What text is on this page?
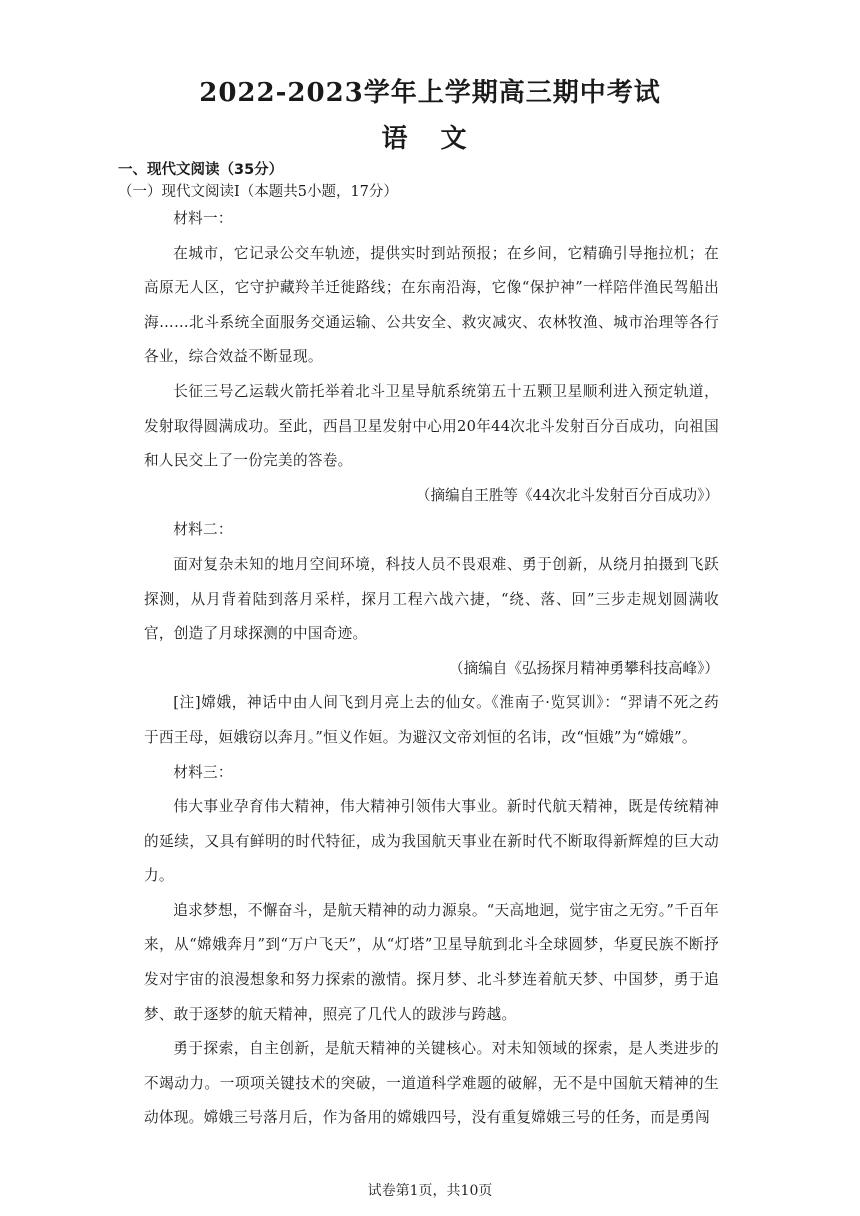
2022-2023学年上学期高三期中考试
语 文
一、现代文阅读（35分）
（一）现代文阅读I（本题共5小题，17分）

材料一：

在城市，它记录公交车轨迹，提供实时到站预报；在乡间，它精确引导拖拉机；在高原无人区，它守护藏羚羊迁徙路线；在东南沿海，它像“保护神”一样陪伴渔民驾船出海……北斗系统全面服务交通运输、公共安全、救灾减灾、农林牧渔、城市治理等各行各业，综合效益不断显现。

长征三号乙运载火箭托举着北斗卫星导航系统第五十五颗卫星顺利进入预定轨道，发射取得圆满成功。至此，西昌卫星发射中心用20年44次北斗发射百分百成功，向祖国和人民交上了一份完美的答卷。

（摘编自王胜等《44次北斗发射百分百成功》）

材料二：

面对复杂未知的地月空间环境，科技人员不畏艰难、勇于创新，从绕月拍摄到飞跃探测，从月背着陆到落月采样，探月工程六战六捷，“绕、落、回”三步走规划圆满收官，创造了月球探测的中国奇迹。

（摘编自《弘扬探月精神勇攀科技高峰》）

[注]嫦娥，神话中由人间飞到月亮上去的仙女。《淮南子·览冥训》：“羿请不死之药于西王母，姮娥窃以奔月。”恒义作姮。为避汉文帝刘恒的名讳，改“恒娥”为“嫦娥”。

材料三：

伟大事业孕育伟大精神，伟大精神引领伟大事业。新时代航天精神，既是传统精神的延续，又具有鲜明的时代特征，成为我国航天事业在新时代不断取得新辉煌的巨大动力。

追求梦想，不懈奋斗，是航天精神的动力源泉。“天高地迥，觉宇宙之无穷。”千百年来，从“嫦娥奔月”到“万户飞天”，从“灯塔”卫星导航到北斗全球圆梦，华夏民族不断抒发对宇宙的浪漫想象和努力探索的激情。探月梦、北斗梦连着航天梦、中国梦，勇于追梦、敢于逐梦的航天精神，照亮了几代人的跋涉与跨越。

勇于探索，自主创新，是航天精神的关键核心。对未知领域的探索，是人类进步的不竭动力。一项项关键技术的突破，一道道科学难题的破解，无不是中国航天精神的生动体现。嫦娥三号落月后，作为备用的嫦娥四号，没有重复嫦娥三号的任务，而是勇闯

试卷第1页，共10页
